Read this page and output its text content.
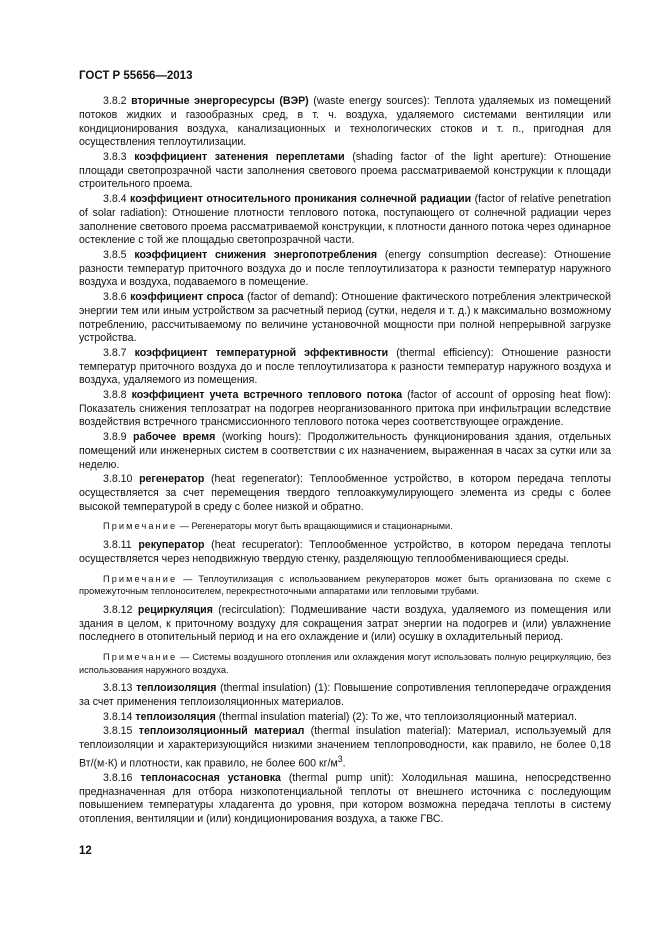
ГОСТ Р 55656—2013

3.8.2 вторичные энергоресурсы (ВЭР) (waste energy sources): Теплота удаляемых из помещений потоков жидких и газообразных сред, в т. ч. воздуха, удаляемого системами вентиляции или кондиционирования воздуха, канализационных и технологических стоков и т. п., пригодная для осуществления теплоутилизации.

3.8.3 коэффициент затенения переплетами (shading factor of the light aperture): Отношение площади светопрозрачной части заполнения светового проема рассматриваемой конструкции к площади строительного проема.

3.8.4 коэффициент относительного проникания солнечной радиации (factor of relative penetration of solar radiation): Отношение плотности теплового потока, поступающего от солнечной радиации через заполнение светового проема рассматриваемой конструкции, к плотности данного потока через одинарное остекление с той же площадью светопрозрачной части.

3.8.5 коэффициент снижения энергопотребления (energy consumption decrease): Отношение разности температур приточного воздуха до и после теплоутилизатора к разности температур наружного воздуха и воздуха, подаваемого в помещение.

3.8.6 коэффициент спроса (factor of demand): Отношение фактического потребления электрической энергии тем или иным устройством за расчетный период (сутки, неделя и т. д.) к максимально возможному потреблению, рассчитываемому по величине установочной мощности при полной непрерывной загрузке устройства.

3.8.7 коэффициент температурной эффективности (thermal efficiency): Отношение разности температур приточного воздуха до и после теплоутилизатора к разности температур наружного воздуха и воздуха, удаляемого из помещения.

3.8.8 коэффициент учета встречного теплового потока (factor of account of opposing heat flow): Показатель снижения теплозатрат на подогрев неорганизованного притока при инфильтрации вследствие воздействия встречного трансмиссионного теплового потока через соответствующее ограждение.

3.8.9 рабочее время (working hours): Продолжительность функционирования здания, отдельных помещений или инженерных систем в соответствии с их назначением, выраженная в часах за сутки или за неделю.

3.8.10 регенератор (heat regenerator): Теплообменное устройство, в котором передача теплоты осуществляется за счет перемещения твердого теплоаккумулирующего элемента из среды с более высокой температурой в среду с более низкой и обратно.

Примечание — Регенераторы могут быть вращающимися и стационарными.

3.8.11 рекуператор (heat recuperator): Теплообменное устройство, в котором передача теплоты осуществляется через неподвижную твердую стенку, разделяющую теплообменивающиеся среды.

Примечание — Теплоутилизация с использованием рекуператоров может быть организована по схеме с промежуточным теплоносителем, перекрестноточными аппаратами или тепловыми трубами.

3.8.12 рециркуляция (recirculation): Подмешивание части воздуха, удаляемого из помещения или здания в целом, к приточному воздуху для сокращения затрат энергии на подогрев и (или) увлажнение последнего в отопительный период и на его охлаждение и (или) осушку в охладительный период.

Примечание — Системы воздушного отопления или охлаждения могут использовать полную рециркуляцию, без использования наружного воздуха.

3.8.13 теплоизоляция (thermal insulation) (1): Повышение сопротивления теплопередаче ограждения за счет применения теплоизоляционных материалов.

3.8.14 теплоизоляция (thermal insulation material) (2): То же, что теплоизоляционный материал.

3.8.15 теплоизоляционный материал (thermal insulation material): Материал, используемый для теплоизоляции и характеризующийся низкими значением теплопроводности, как правило, не более 0,18 Вт/(м·К) и плотности, как правило, не более 600 $кг/м^3$.

3.8.16 теплонасосная установка (thermal pump unit): Холодильная машина, непосредственно предназначенная для отбора низкопотенциальной теплоты от внешнего источника с последующим повышением температуры хладагента до уровня, при котором возможна передача теплоты в систему отопления, вентиляции и (или) кондиционирования воздуха, а также ГВС.

12
